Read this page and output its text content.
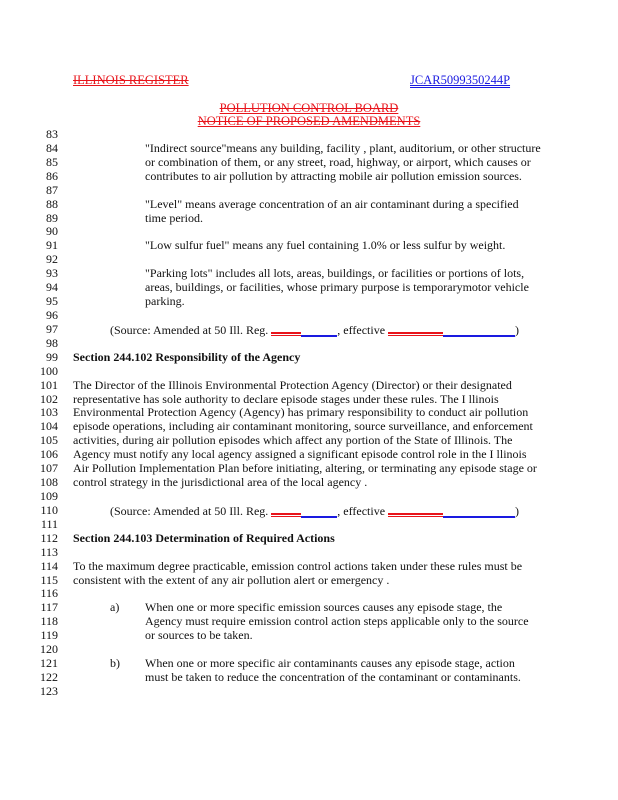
ILLINOIS REGISTER	JCAR5099350244P
POLLUTION CONTROL BOARD
NOTICE OF PROPOSED AMENDMENTS
83
84	"Indirect source"means any building, facility , plant, auditorium, or other structure
85	or combination of them, or any street, road, highway, or airport, which causes or
86	contributes to air pollution by attracting mobile air pollution emission sources.
87
88	"Level" means average concentration of an air contaminant during a specified
89	time period.
90
91	"Low sulfur fuel" means any fuel containing 1.0% or less sulfur by weight.
92
93	"Parking lots" includes all lots, areas, buildings, or facilities or portions of lots,
94	areas, buildings, or facilities, whose primary purpose is temporarymotor vehicle
95	parking.
96
97	(Source: Amended at 50 Ill. Reg.	, effective	)
98
99 Section 244.102 Responsibility of the Agency
100
101 The Director of the Illinois Environmental Protection Agency (Director) or their designated
102 representative has sole authority to declare episode stages under these rules. The I llinois
103 Environmental Protection Agency (Agency) has primary responsibility to conduct air pollution
104 episode operations, including air contaminant monitoring, source surveillance, and enforcement
105 activities, during air pollution episodes which affect any portion of the State of Illinois. The
106 Agency must notify any local agency assigned a significant episode control role in the I llinois
107 Air Pollution Implementation Plan before initiating, altering, or terminating any episode stage or
108 control strategy in the jurisdictional area of the local agency .
109
110	(Source: Amended at 50 Ill. Reg.	, effective	)
111
112 Section 244.103 Determination of Required Actions
113
114 To the maximum degree practicable, emission control actions taken under these rules must be
115 consistent with the extent of any air pollution alert or emergency .
116
117	a) When one or more specific emission sources causes any episode stage, the
118	Agency must require emission control action steps applicable only to the source
119	or sources to be taken.
120
121	b) When one or more specific air contaminants causes any episode stage, action
122	must be taken to reduce the concentration of the contaminant or contaminants.
123
